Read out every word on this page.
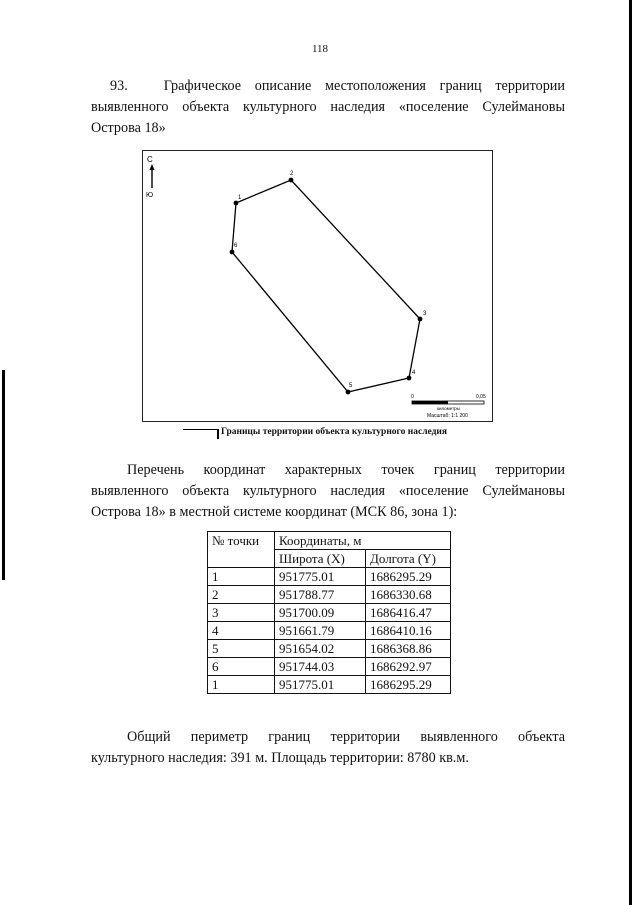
118
93.	Графическое описание местоположения границ территории
выявленного объекта культурного наследия «поселение Сулеймановы
Острова 18»
С
Ю	1
2
3
4
5
6
0	0,05
километры
Масштаб: 1:1 200
Границы территории объекта культурного наследия
Перечень координат характерных точек границ территории
выявленного объекта культурного наследия «поселение Сулеймановы
Острова 18» в местной системе координат (МСК 86, зона 1):
№ точки	Координаты, м	
	Широта (X)	Долгота (Y)
1	951775.01	1686295.29
2	951788.77	1686330.68
3	951700.09	1686416.47
4	951661.79	1686410.16
5	951654.02	1686368.86
6	951744.03	1686292.97
1	951775.01	1686295.29
Общий периметр границ территории выявленного объекта
культурного наследия: 391 м. Площадь территории: 8780 кв.м.
